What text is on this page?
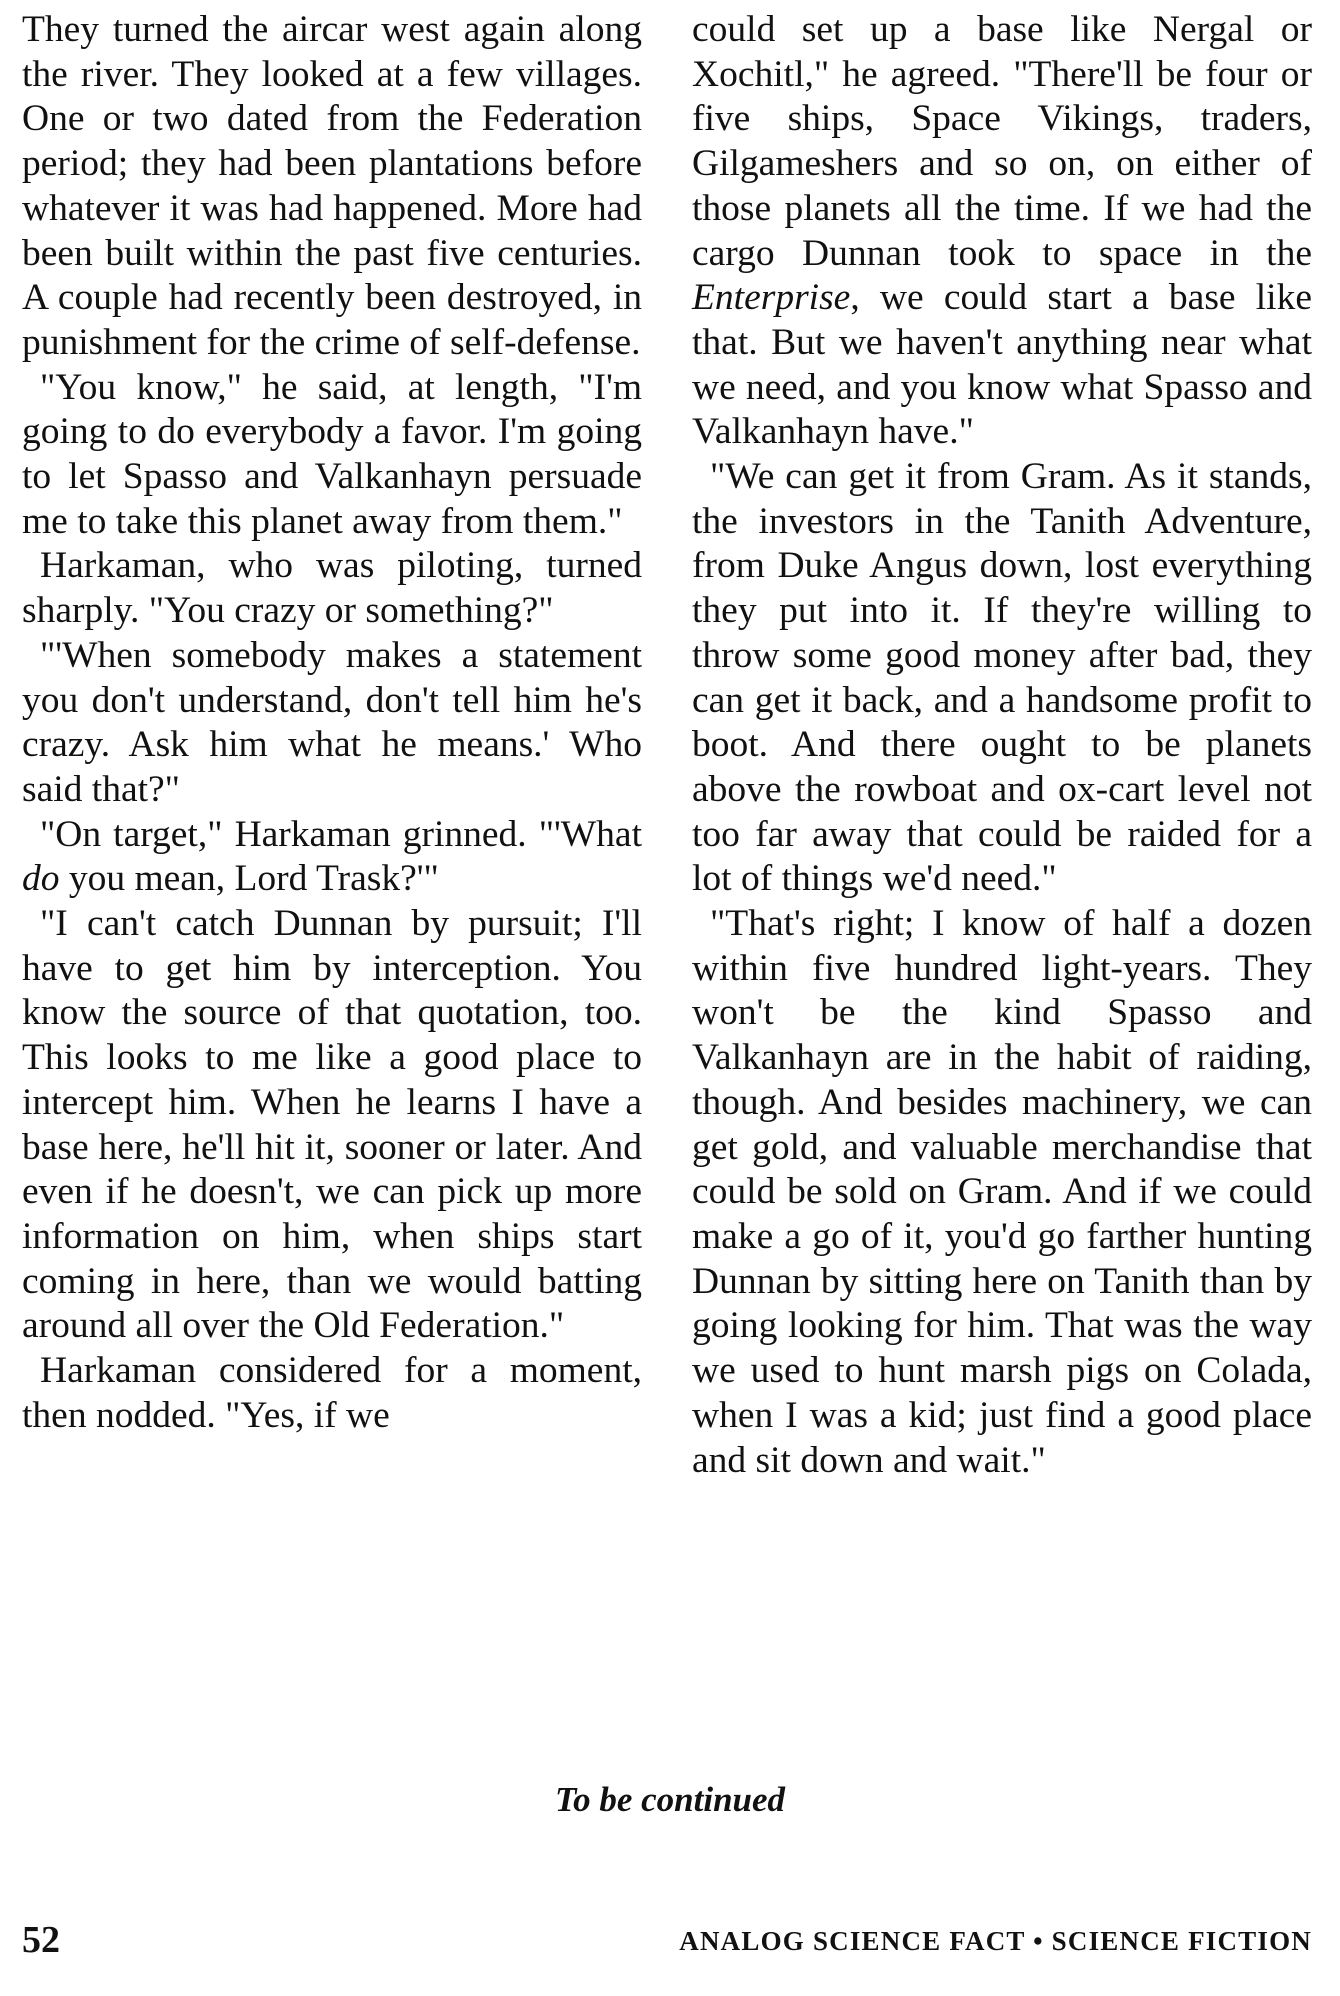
They turned the aircar west again along the river. They looked at a few villages. One or two dated from the Federation period; they had been plantations before whatever it was had happened. More had been built within the past five centuries. A couple had recently been destroyed, in punishment for the crime of self-defense.

"You know," he said, at length, "I'm going to do everybody a favor. I'm going to let Spasso and Valkanhayn persuade me to take this planet away from them."

Harkaman, who was piloting, turned sharply. "You crazy or something?"

"'When somebody makes a statement you don't understand, don't tell him he's crazy. Ask him what he means.' Who said that?"

"On target," Harkaman grinned. "'What do you mean, Lord Trask?'"

"I can't catch Dunnan by pursuit; I'll have to get him by interception. You know the source of that quotation, too. This looks to me like a good place to intercept him. When he learns I have a base here, he'll hit it, sooner or later. And even if he doesn't, we can pick up more information on him, when ships start coming in here, than we would batting around all over the Old Federation."

Harkaman considered for a moment, then nodded. "Yes, if we

could set up a base like Nergal or Xochitl," he agreed. "There'll be four or five ships, Space Vikings, traders, Gilgameshers and so on, on either of those planets all the time. If we had the cargo Dunnan took to space in the Enterprise, we could start a base like that. But we haven't anything near what we need, and you know what Spasso and Valkanhayn have."

"We can get it from Gram. As it stands, the investors in the Tanith Adventure, from Duke Angus down, lost everything they put into it. If they're willing to throw some good money after bad, they can get it back, and a handsome profit to boot. And there ought to be planets above the rowboat and ox-cart level not too far away that could be raided for a lot of things we'd need."

"That's right; I know of half a dozen within five hundred light-years. They won't be the kind Spasso and Valkanhayn are in the habit of raiding, though. And besides machinery, we can get gold, and valuable merchandise that could be sold on Gram. And if we could make a go of it, you'd go farther hunting Dunnan by sitting here on Tanith than by going looking for him. That was the way we used to hunt marsh pigs on Colada, when I was a kid; just find a good place and sit down and wait."

To be continued
52	ANALOG SCIENCE FACT • SCIENCE FICTION
